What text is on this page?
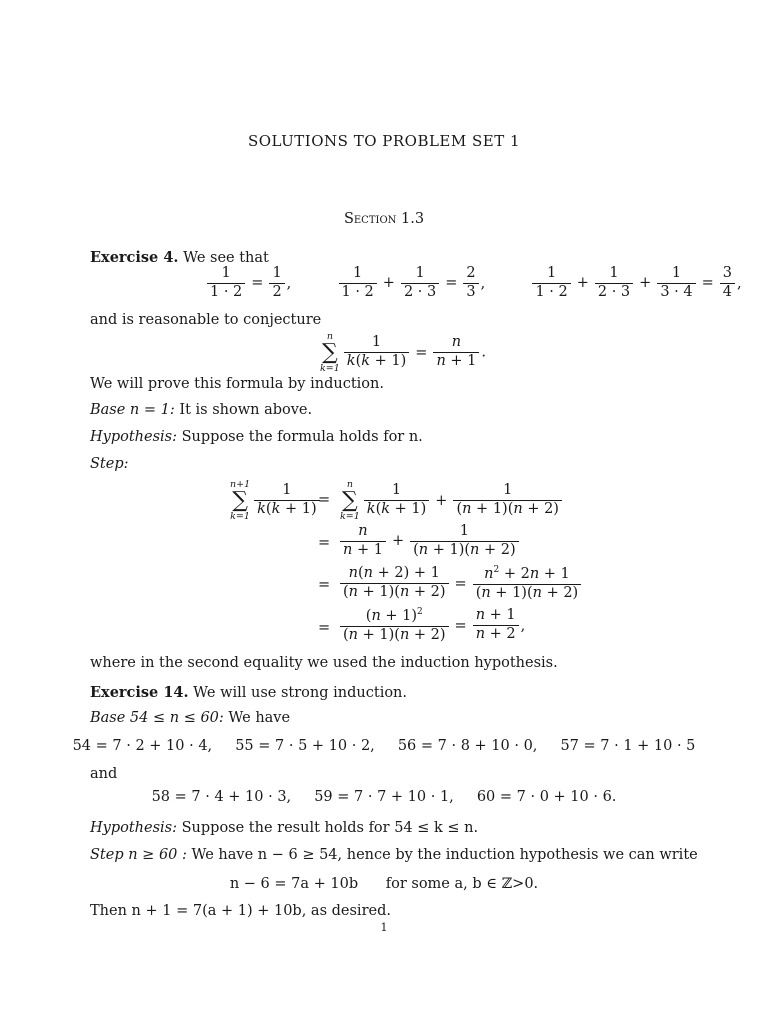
SOLUTIONS TO PROBLEM SET 1
Section 1.3
Exercise 4. We see that
$\frac{1}{1 \cdot 2} = \frac{1}{2}$ ,	$\frac{1}{1 \cdot 2} + \frac{1}{2 \cdot 3} = \frac{2}{3}$ ,	$\frac{1}{1 \cdot 2} + \frac{1}{2 \cdot 3} + \frac{1}{3 \cdot 4} = \frac{3}{4}$ ,
and is reasonable to conjecture
n
∑
$k=1 \frac{1}{k(k + 1)} = \frac{n}{n + 1}$ .
We will prove this formula by induction.
Base n = 1: It is shown above.
Hypothesis: Suppose the formula holds for n.
Step:
n+1
∑
$k=1 \frac{1}{k(k + 1)}$
=
n
∑
$k=1 \frac{1}{k(k + 1)} + \frac{1}{(n + 1)(n + 2)}$
= $\frac{n}{n + 1} + \frac{1}{(n + 1)(n + 2)}$
= $\frac{n(n + 2) + 1}{(n + 1)(n + 2)} = \frac{n^2 + 2n + 1}{(n + 1)(n + 2)}$
= $\frac{(n + 1)^2}{(n + 1)(n + 2)} = \frac{n + 1}{n + 2}$ ,
where in the second equality we used the induction hypothesis.
Exercise 14. We will use strong induction.
Base 54 ≤ n ≤ 60: We have
54 = 7 · 2 + 10 · 4,     55 = 7 · 5 + 10 · 2,     56 = 7 · 8 + 10 · 0,     57 = 7 · 1 + 10 · 5
and
58 = 7 · 4 + 10 · 3,     59 = 7 · 7 + 10 · 1,     60 = 7 · 0 + 10 · 6.
Hypothesis: Suppose the result holds for 54 ≤ k ≤ n.
Step n ≥ 60 : We have n − 6 ≥ 54, hence by the induction hypothesis we can write
n − 6 = 7a + 10b      for some a, b ∈ ℤ>0.
Then n + 1 = 7(a + 1) + 10b, as desired.
1
